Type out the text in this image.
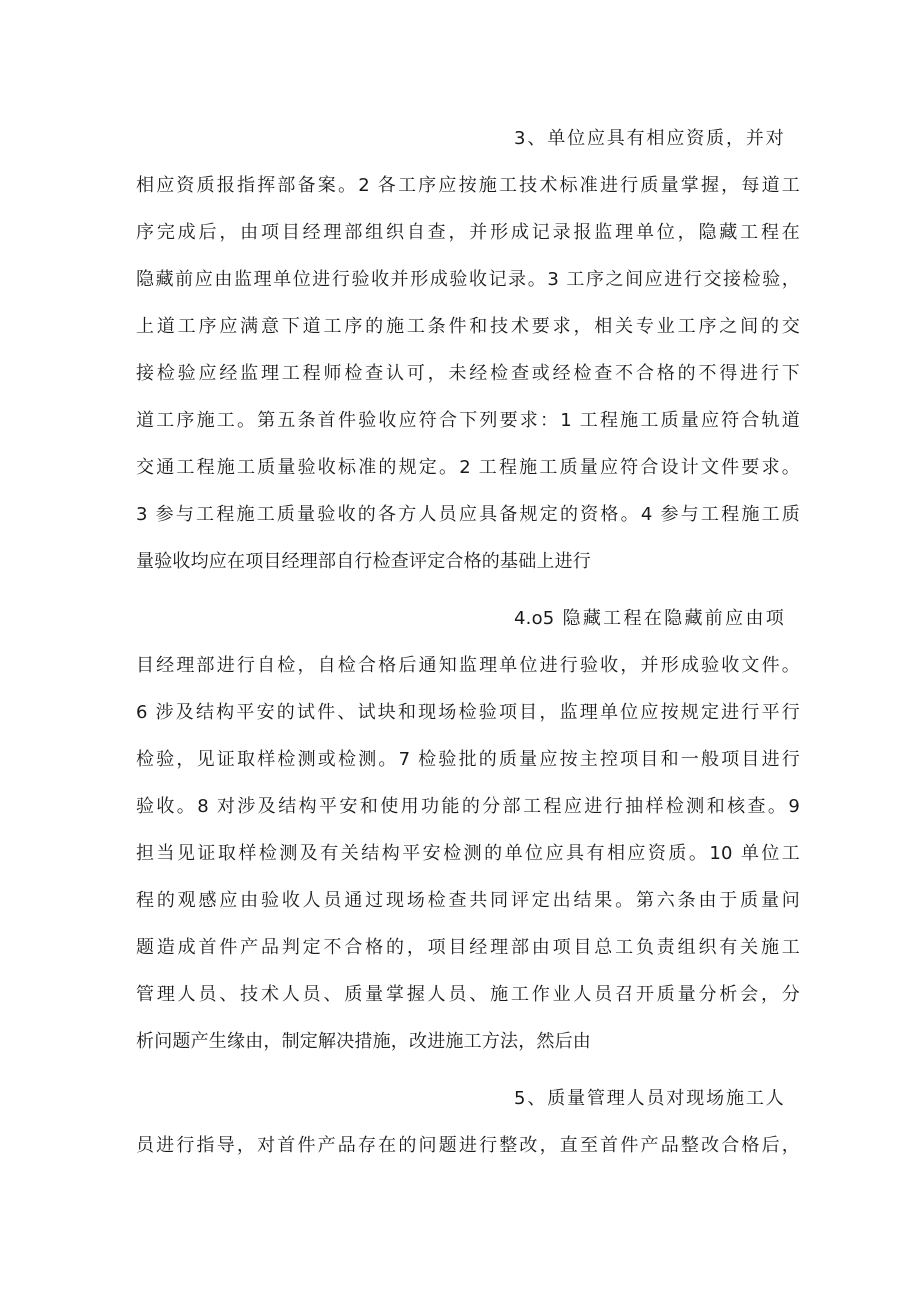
3、单位应具有相应资质，并对
相应资质报指挥部备案。2 各工序应按施工技术标准进行质量掌握，每道工
序完成后，由项目经理部组织自查，并形成记录报监理单位，隐藏工程在
隐藏前应由监理单位进行验收并形成验收记录。3 工序之间应进行交接检验，
上道工序应满意下道工序的施工条件和技术要求，相关专业工序之间的交
接检验应经监理工程师检查认可，未经检查或经检查不合格的不得进行下
道工序施工。第五条首件验收应符合下列要求：1 工程施工质量应符合轨道
交通工程施工质量验收标准的规定。2 工程施工质量应符合设计文件要求。
3 参与工程施工质量验收的各方人员应具备规定的资格。4 参与工程施工质
量验收均应在项目经理部自行检查评定合格的基础上进行
4.o5 隐藏工程在隐藏前应由项
目经理部进行自检，自检合格后通知监理单位进行验收，并形成验收文件。
6 涉及结构平安的试件、试块和现场检验项目，监理单位应按规定进行平行
检验，见证取样检测或检测。7 检验批的质量应按主控项目和一般项目进行
验收。8 对涉及结构平安和使用功能的分部工程应进行抽样检测和核查。9
担当见证取样检测及有关结构平安检测的单位应具有相应资质。10 单位工
程的观感应由验收人员通过现场检查共同评定出结果。第六条由于质量问
题造成首件产品判定不合格的，项目经理部由项目总工负责组织有关施工
管理人员、技术人员、质量掌握人员、施工作业人员召开质量分析会，分
析问题产生缘由，制定解决措施，改进施工方法，然后由
5、质量管理人员对现场施工人
员进行指导，对首件产品存在的问题进行整改，直至首件产品整改合格后，
